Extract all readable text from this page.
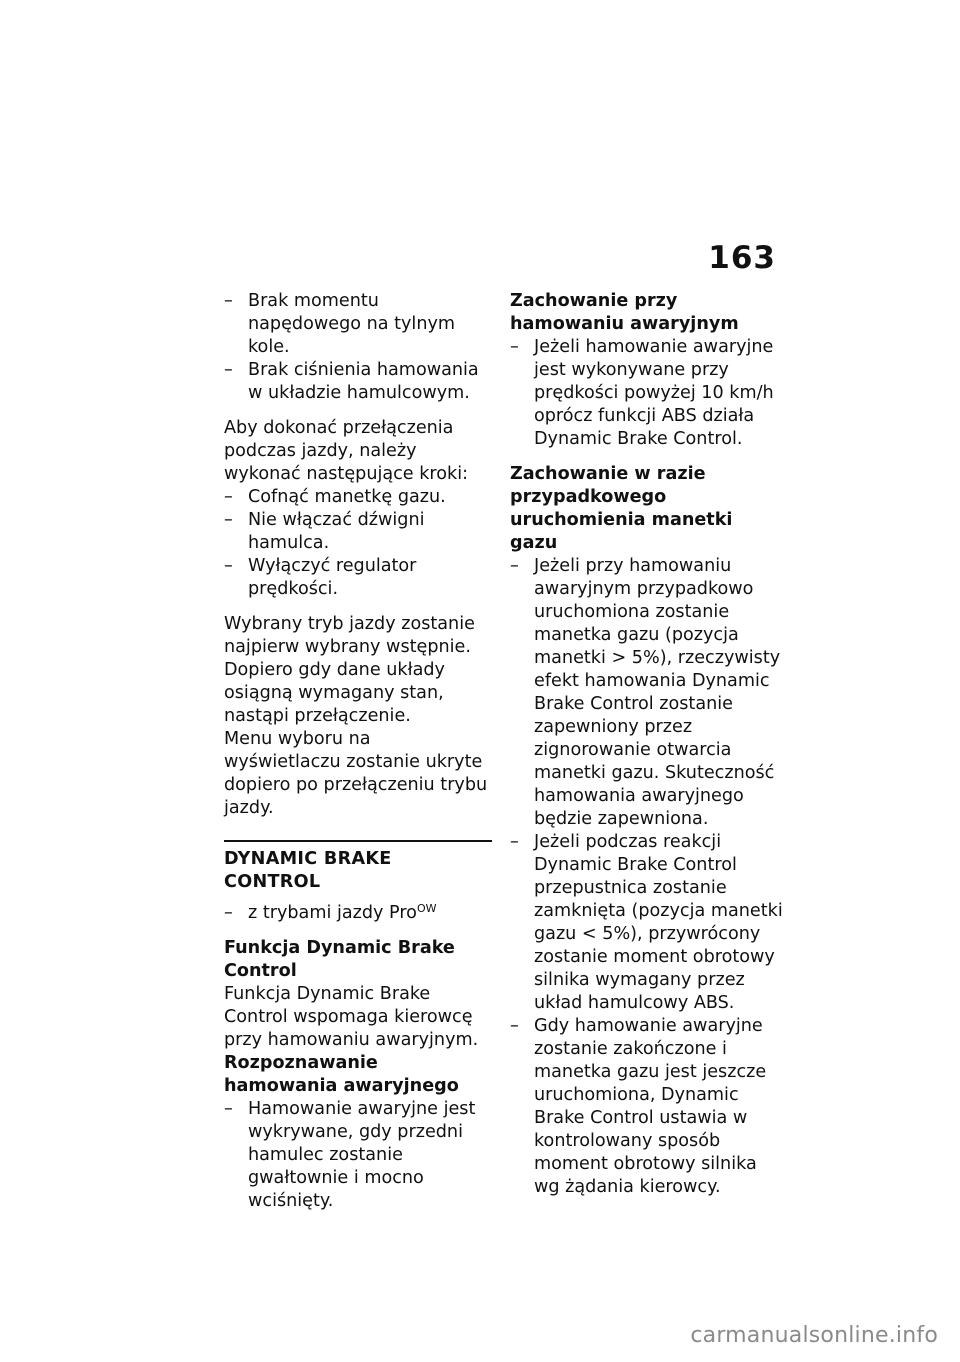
163

– Brak momentu napędowego na tylnym kole.

– Brak ciśnienia hamowania w układzie hamulcowym.

Aby dokonać przełączenia podczas jazdy, należy wykonać następujące kroki:

– Cofnąć manetkę gazu.

– Nie włączać dźwigni hamulca.

– Wyłączyć regulator prędkości.

Wybrany tryb jazdy zostanie najpierw wybrany wstępnie. Dopiero gdy dane układy osiągną wymagany stan, nastąpi przełączenie.

Menu wyboru na wyświetlaczu zostanie ukryte dopiero po przełączeniu trybu jazdy.

DYNAMIC BRAKE CONTROL

– z trybami jazdy Pro$^{OW}$

Funkcja Dynamic Brake Control

Funkcja Dynamic Brake Control wspomaga kierowcę przy hamowaniu awaryjnym.

Rozpoznawanie hamowania awaryjnego

– Hamowanie awaryjne jest wykrywane, gdy przedni hamulec zostanie gwałtownie i mocno wciśnięty.

Zachowanie przy hamowaniu awaryjnym

– Jeżeli hamowanie awaryjne jest wykonywane przy prędkości powyżej 10 km/h oprócz funkcji ABS działa Dynamic Brake Control.

Zachowanie w razie przypadkowego uruchomienia manetki gazu

– Jeżeli przy hamowaniu awaryjnym przypadkowo uruchomiona zostanie manetka gazu (pozycja manetki > 5%), rzeczywisty efekt hamowania Dynamic Brake Control zostanie zapewniony przez zignorowanie otwarcia manetki gazu. Skuteczność hamowania awaryjnego będzie zapewniona.

– Jeżeli podczas reakcji Dynamic Brake Control przepustnica zostanie zamknięta (pozycja manetki gazu < 5%), przywrócony zostanie moment obrotowy silnika wymagany przez układ hamulcowy ABS.

– Gdy hamowanie awaryjne zostanie zakończone i manetka gazu jest jeszcze uruchomiona, Dynamic Brake Control ustawia w kontrolowany sposób moment obrotowy silnika wg żądania kierowcy.

carmanualsonline.info
